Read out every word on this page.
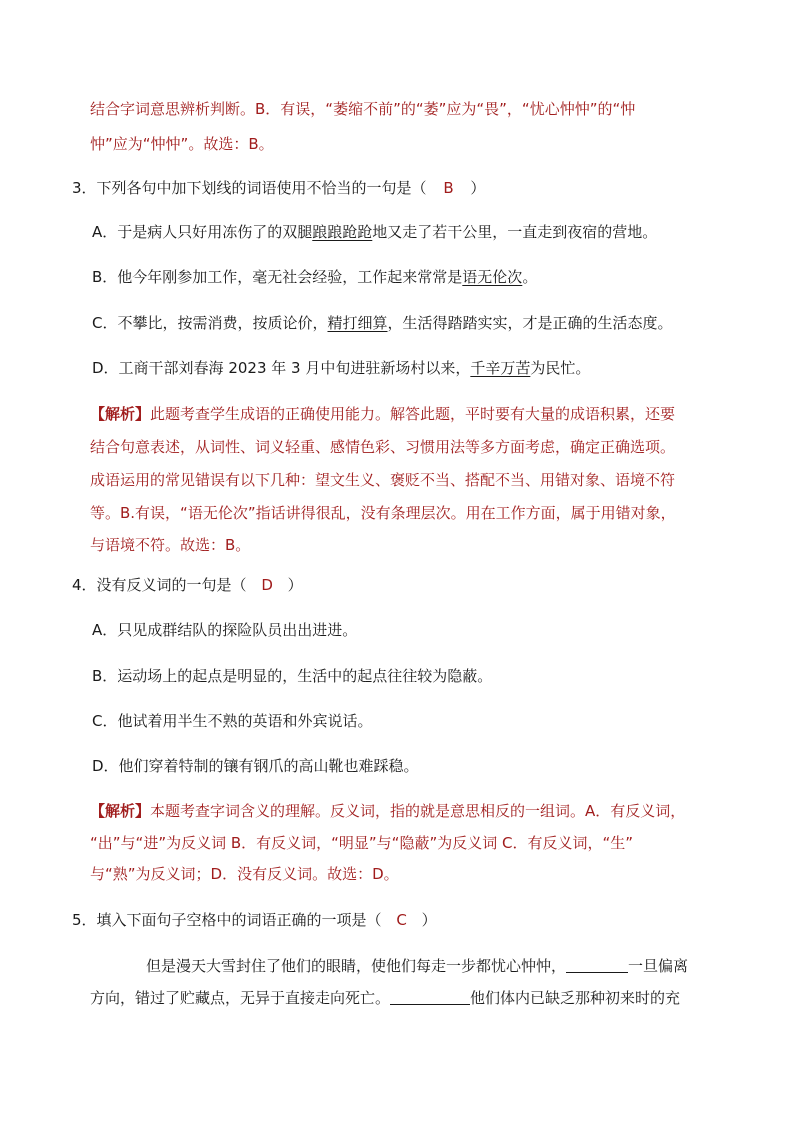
结合字词意思辨析判断。B．有误，“萎缩不前”的“萎”应为“畏”，“忧心忡忡”的“忡
忡”应为“忡忡”。故选：B。
3．下列各句中加下划线的词语使用不恰当的一句是（ B ）
A．于是病人只好用冻伤了的双腿踉踉跄跄地又走了若干公里，一直走到夜宿的营地。
B．他今年刚参加工作，毫无社会经验，工作起来常常是语无伦次。
C．不攀比，按需消费，按质论价，精打细算，生活得踏踏实实，才是正确的生活态度。
D．工商干部刘春海 2023 年 3 月中旬进驻新场村以来，千辛万苦为民忙。
【解析】此题考查学生成语的正确使用能力。解答此题，平时要有大量的成语积累，还要
结合句意表述，从词性、词义轻重、感情色彩、习惯用法等多方面考虑，确定正确选项。
成语运用的常见错误有以下几种：望文生义、褒贬不当、搭配不当、用错对象、语境不符
等。B.有误，“语无伦次”指话讲得很乱，没有条理层次。用在工作方面，属于用错对象，
与语境不符。故选：B。
4．没有反义词的一句是（ D ）
A．只见成群结队的探险队员出出进进。
B．运动场上的起点是明显的，生活中的起点往往较为隐蔽。
C．他试着用半生不熟的英语和外宾说话。
D．他们穿着特制的镶有钢爪的高山靴也难踩稳。
【解析】本题考查字词含义的理解。反义词，指的就是意思相反的一组词。A．有反义词，
“出”与“进”为反义词 B．有反义词，“明显”与“隐蔽”为反义词 C．有反义词，“生”
与“熟”为反义词；D．没有反义词。故选：D。
5．填入下面句子空格中的词语正确的一项是（ C ）
但是漫天大雪封住了他们的眼睛，使他们每走一步都忧心忡忡，	一旦偏离
方向，错过了贮藏点，无异于直接走向死亡。	他们体内已缺乏那种初来时的充
